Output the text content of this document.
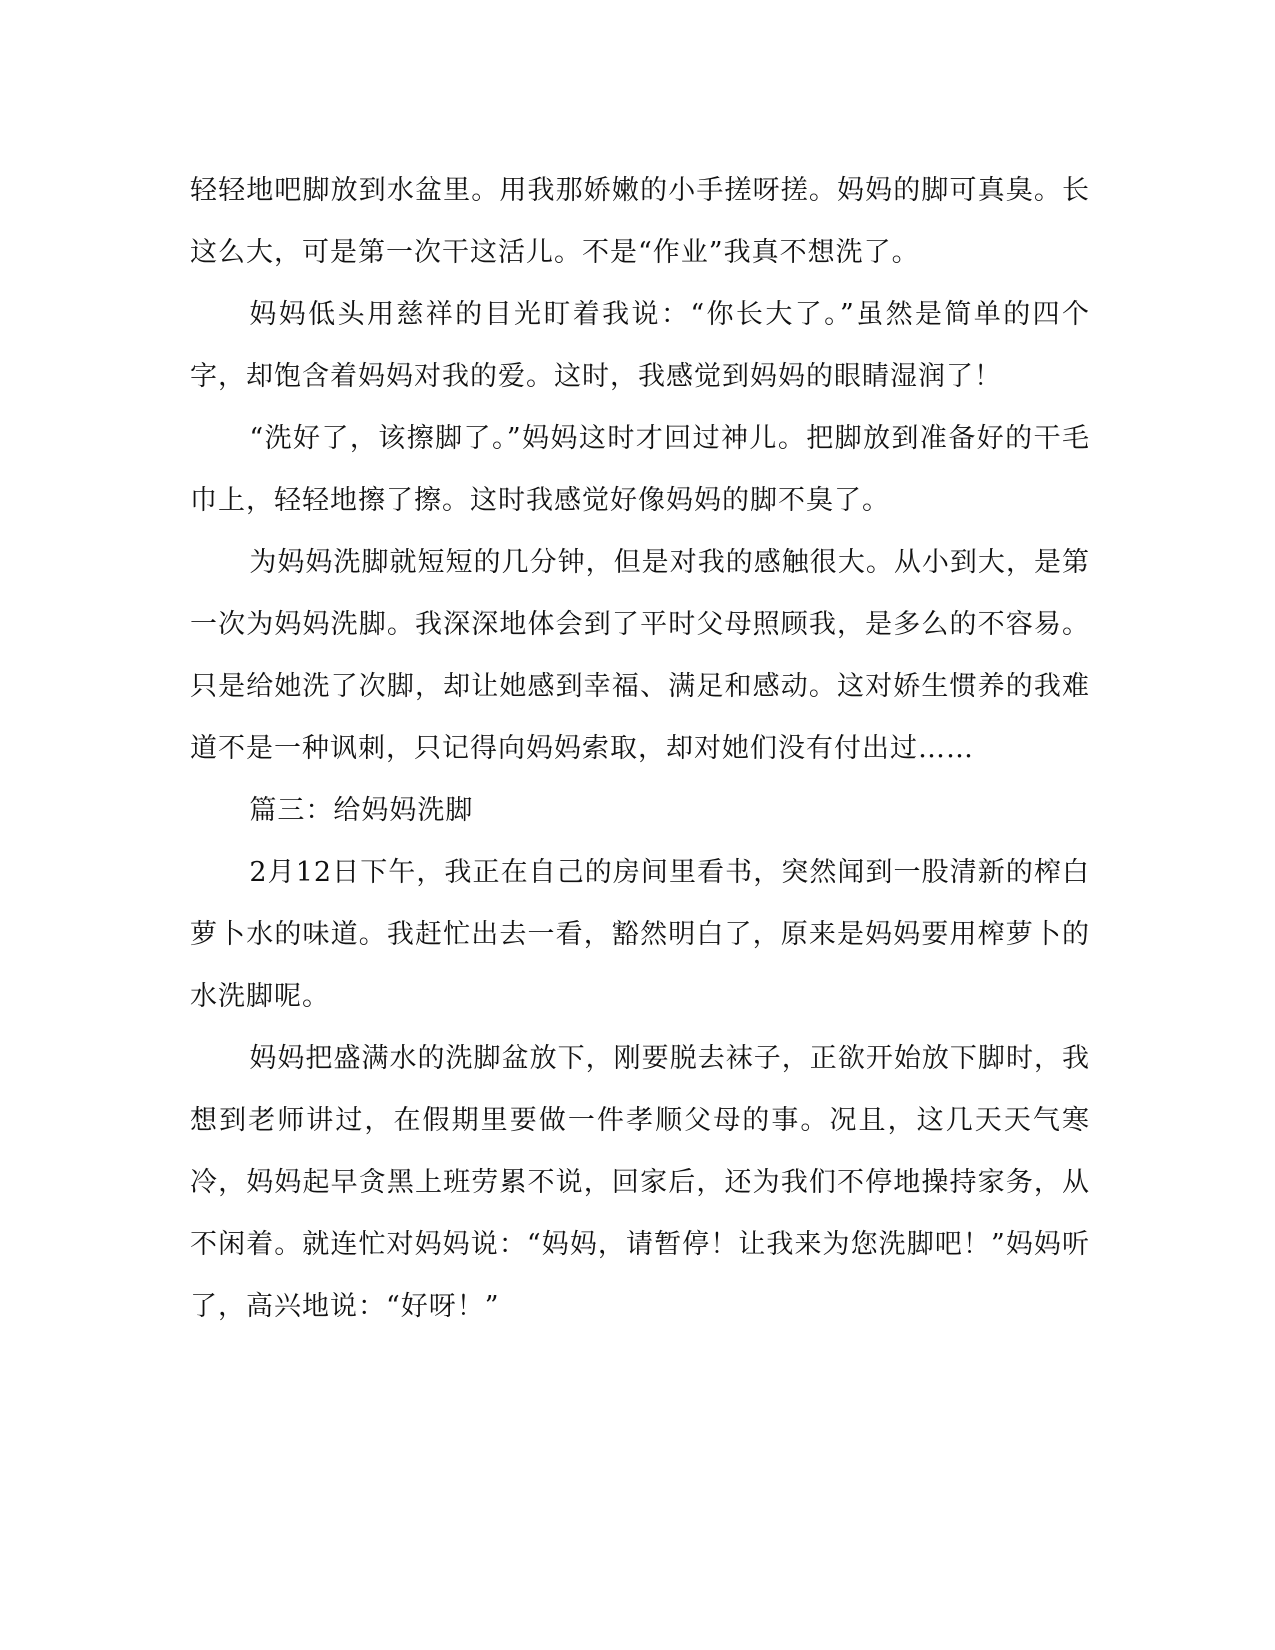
轻轻地吧脚放到水盆里。用我那娇嫩的小手搓呀搓。妈妈的脚可真臭。长这么大，可是第一次干这活儿。不是“作业”我真不想洗了。

妈妈低头用慈祥的目光盯着我说：“你长大了。”虽然是简单的四个字，却饱含着妈妈对我的爱。这时，我感觉到妈妈的眼睛湿润了！

“洗好了，该擦脚了。”妈妈这时才回过神儿。把脚放到准备好的干毛巾上，轻轻地擦了擦。这时我感觉好像妈妈的脚不臭了。

为妈妈洗脚就短短的几分钟，但是对我的感触很大。从小到大，是第一次为妈妈洗脚。我深深地体会到了平时父母照顾我，是多么的不容易。只是给她洗了次脚，却让她感到幸福、满足和感动。这对娇生惯养的我难道不是一种讽刺，只记得向妈妈索取，却对她们没有付出过……

篇三：给妈妈洗脚

2月12日下午，我正在自己的房间里看书，突然闻到一股清新的榨白萝卜水的味道。我赶忙出去一看，豁然明白了，原来是妈妈要用榨萝卜的水洗脚呢。

妈妈把盛满水的洗脚盆放下，刚要脱去袜子，正欲开始放下脚时，我想到老师讲过，在假期里要做一件孝顺父母的事。况且，这几天天气寒冷，妈妈起早贪黑上班劳累不说，回家后，还为我们不停地操持家务，从不闲着。就连忙对妈妈说：“妈妈，请暂停！让我来为您洗脚吧！”妈妈听了，高兴地说：“好呀！”
